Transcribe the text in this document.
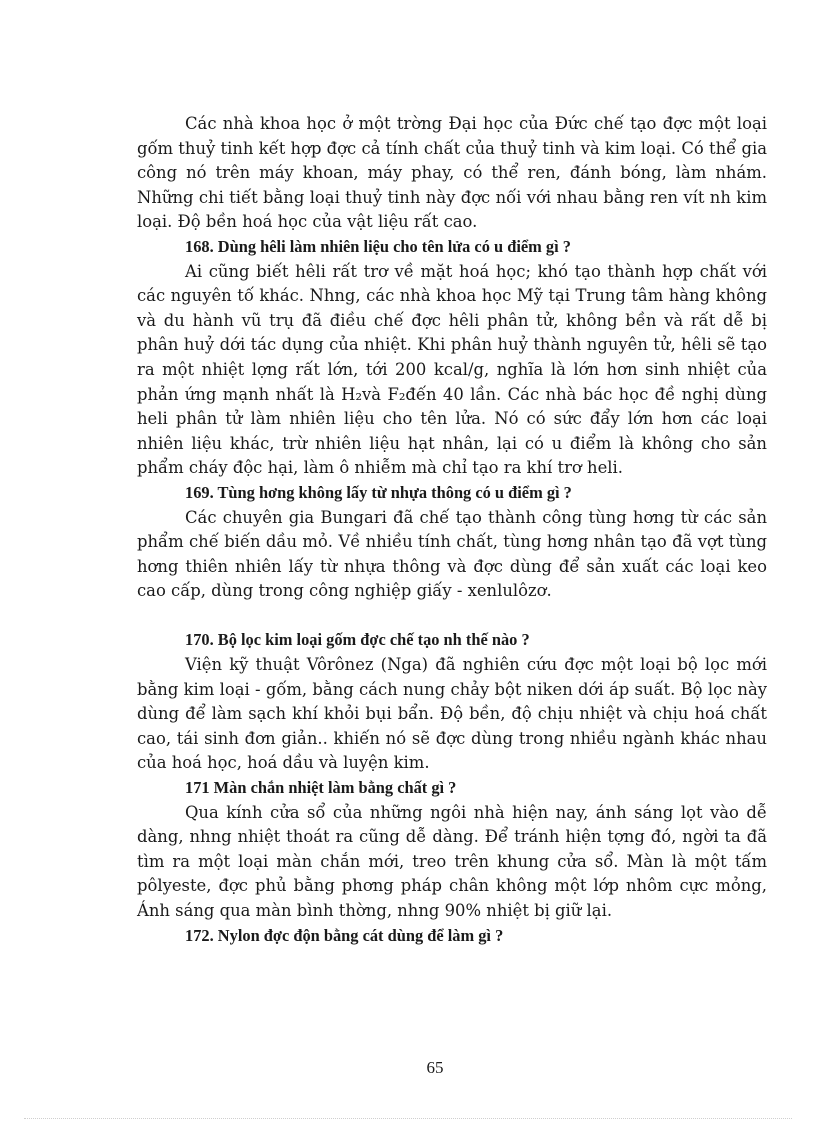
Các nhà khoa học ở một trờng Đại học của Đức chế tạo đợc một loại gốm thuỷ tinh kết hợp đợc cả tính chất của thuỷ tinh và kim loại. Có thể gia công nó trên máy khoan, máy phay, có thể ren, đánh bóng, làm nhám. Những chi tiết bằng loại thuỷ tinh này đợc nối với nhau bằng ren vít nh kim loại. Độ bền hoá học của vật liệu rất cao.

168. Dùng hêli làm nhiên liệu cho tên lửa có u điểm gì ?

Ai cũng biết hêli rất trơ về mặt hoá học; khó tạo thành hợp chất với các nguyên tố khác. Nhng, các nhà khoa học Mỹ tại Trung tâm hàng không và du hành vũ trụ đã điều chế đợc hêli phân tử, không bền và rất dễ bị phân huỷ dới tác dụng của nhiệt. Khi phân huỷ thành nguyên tử, hêli sẽ tạo ra một nhiệt lợng rất lớn, tới 200 kcal/g, nghĩa là lớn hơn sinh nhiệt của phản ứng mạnh nhất là H₂và F₂đến 40 lần. Các nhà bác học đề nghị dùng heli phân tử làm nhiên liệu cho tên lửa. Nó có sức đẩy lớn hơn các loại nhiên liệu khác, trừ nhiên liệu hạt nhân, lại có u điểm là không cho sản phẩm cháy độc hại, làm ô nhiễm mà chỉ tạo ra khí trơ heli.

169. Tùng hơng không lấy từ nhựa thông có u điểm gì ?

Các chuyên gia Bungari đã chế tạo thành công tùng hơng từ các sản phẩm chế biến dầu mỏ. Về nhiều tính chất, tùng hơng nhân tạo đã vợt tùng hơng thiên nhiên lấy từ nhựa thông và đợc dùng để sản xuất các loại keo cao cấp, dùng trong công nghiệp giấy - xenlulôzơ.

170. Bộ lọc kim loại gốm đợc chế tạo nh thế nào ?

Viện kỹ thuật Vôrônez (Nga) đã nghiên cứu đợc một loại bộ lọc mới bằng kim loại - gốm, bằng cách nung chảy bột niken dới áp suất. Bộ lọc này dùng để làm sạch khí khỏi bụi bẩn. Độ bền, độ chịu nhiệt và chịu hoá chất cao, tái sinh đơn giản.. khiến nó sẽ đợc dùng trong nhiều ngành khác nhau của hoá học, hoá dầu và luyện kim.

171 Màn chắn nhiệt làm bằng chất gì ?

Qua kính cửa sổ của những ngôi nhà hiện nay, ánh sáng lọt vào dễ dàng, nhng nhiệt thoát ra cũng dễ dàng. Để tránh hiện tợng đó, ngời ta đã tìm ra một loại màn chắn mới, treo trên khung cửa sổ. Màn là một tấm pôlyeste, đợc phủ bằng phơng pháp chân không một lớp nhôm cực mỏng, Ánh sáng qua màn bình thờng, nhng 90% nhiệt bị giữ lại.

172. Nylon đợc độn bằng cát dùng để làm gì ?
65
